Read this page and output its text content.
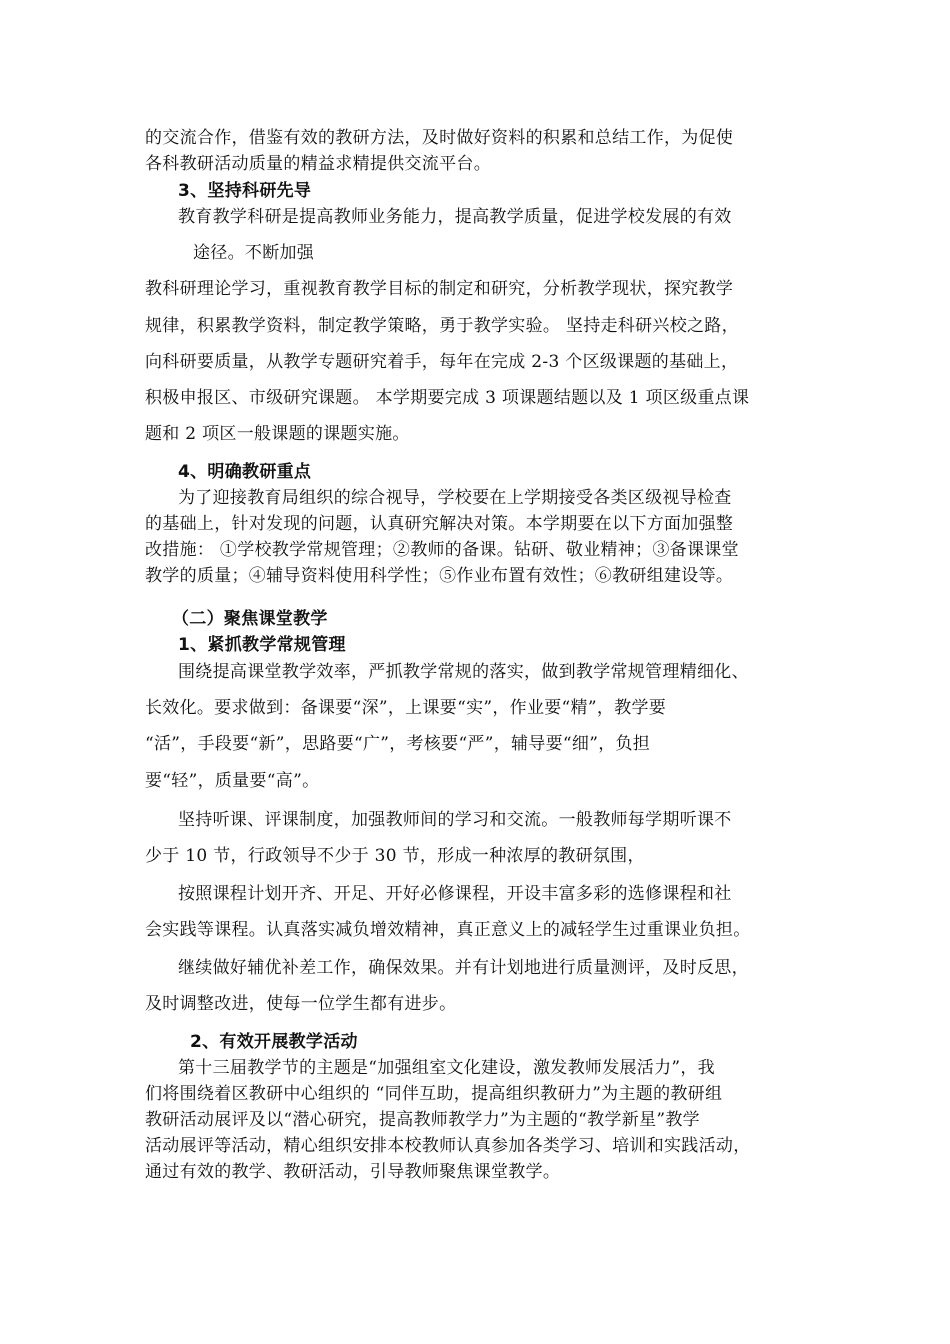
的交流合作，借鉴有效的教研方法，及时做好资料的积累和总结工作，为促使
各科教研活动质量的精益求精提供交流平台。
3、坚持科研先导
教育教学科研是提高教师业务能力，提高教学质量，促进学校发展的有效
途径。不断加强
教科研理论学习，重视教育教学目标的制定和研究，分析教学现状，探究教学
规律，积累教学资料，制定教学策略，勇于教学实验。 坚持走科研兴校之路，
向科研要质量，从教学专题研究着手，每年在完成 2-3 个区级课题的基础上，
积极申报区、市级研究课题。 本学期要完成 3 项课题结题以及 1 项区级重点课
题和 2 项区一般课题的课题实施。
4、明确教研重点
为了迎接教育局组织的综合视导，学校要在上学期接受各类区级视导检查
的基础上，针对发现的问题，认真研究解决对策。本学期要在以下方面加强整
改措施： ①学校教学常规管理；②教师的备课。钻研、敬业精神；③备课课堂
教学的质量；④辅导资料使用科学性；⑤作业布置有效性；⑥教研组建设等。
（二）聚焦课堂教学
1、紧抓教学常规管理
围绕提高课堂教学效率，严抓教学常规的落实，做到教学常规管理精细化、
长效化。要求做到：备课要“深”，上课要“实”，作业要“精”，教学要
“活”，手段要“新”，思路要“广”，考核要“严”，辅导要“细”，负担
要“轻”，质量要“高”。
坚持听课、评课制度，加强教师间的学习和交流。一般教师每学期听课不
少于 10 节，行政领导不少于 30 节，形成一种浓厚的教研氛围，
按照课程计划开齐、开足、开好必修课程，开设丰富多彩的选修课程和社
会实践等课程。认真落实减负增效精神，真正意义上的减轻学生过重课业负担。
继续做好辅优补差工作，确保效果。并有计划地进行质量测评，及时反思，
及时调整改进，使每一位学生都有进步。
2、有效开展教学活动
第十三届教学节的主题是“加强组室文化建设，激发教师发展活力”，我
们将围绕着区教研中心组织的 “同伴互助，提高组织教研力”为主题的教研组
教研活动展评及以“潜心研究，提高教师教学力”为主题的“教学新星”教学
活动展评等活动，精心组织安排本校教师认真参加各类学习、培训和实践活动，
通过有效的教学、教研活动，引导教师聚焦课堂教学。
